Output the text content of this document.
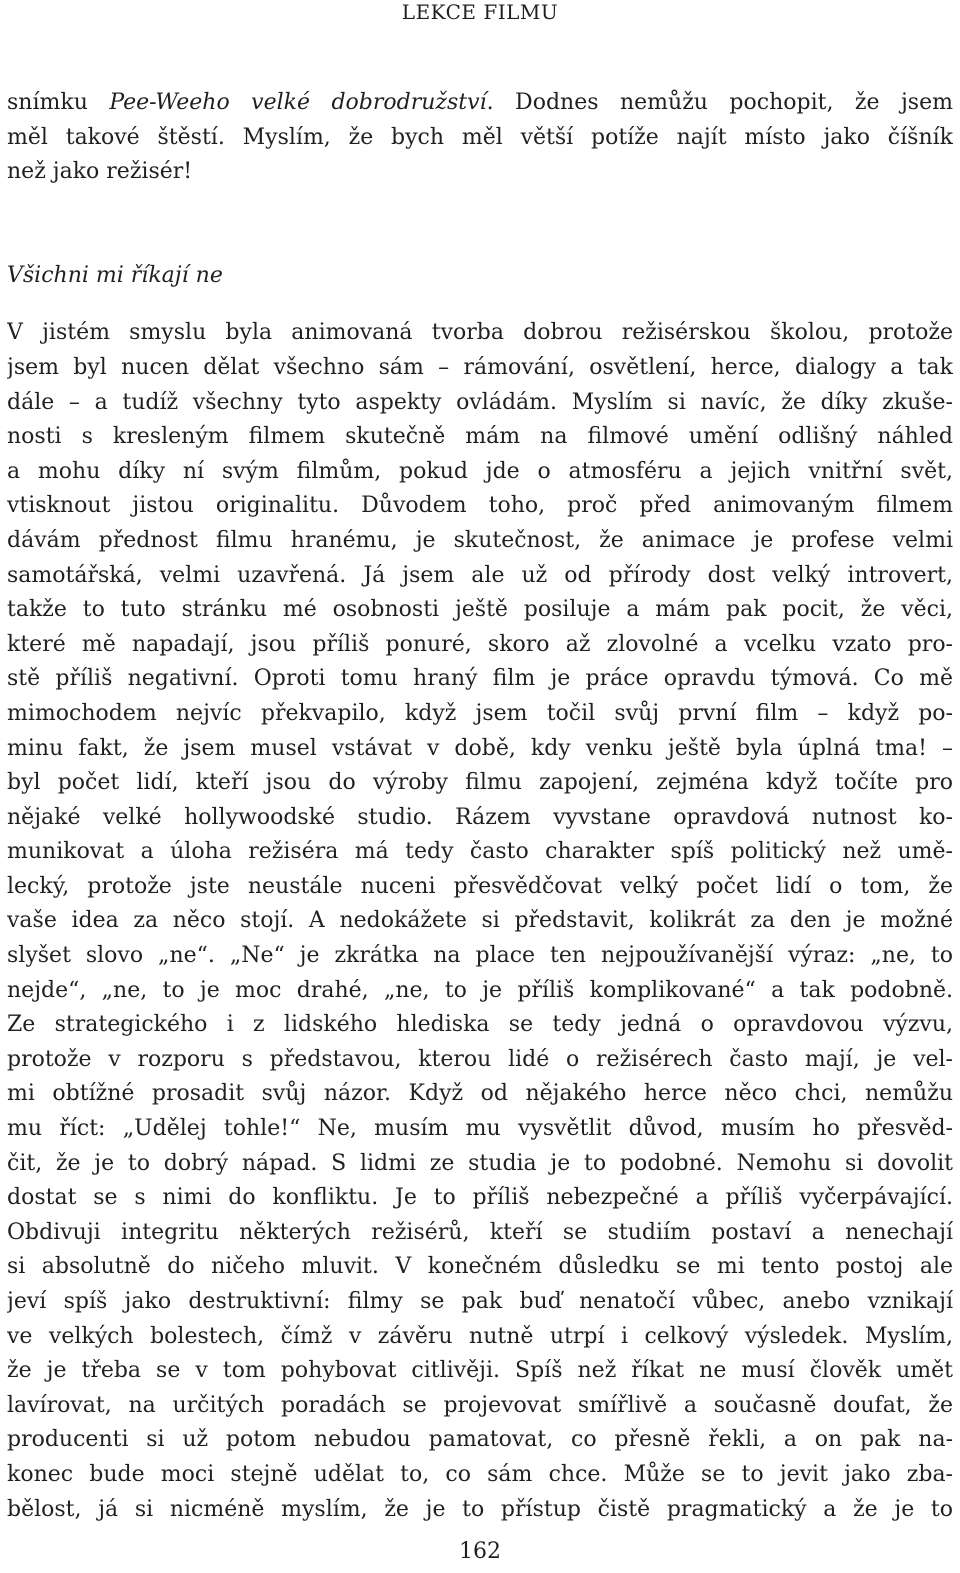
LEKCE FILMU
snímku Pee-Weeho velké dobrodružství. Dodnes nemůžu pochopit, že jsem
měl takové štěstí. Myslím, že bych měl větší potíže najít místo jako číšník
než jako režisér!
Všichni mi říkají ne
V jistém smyslu byla animovaná tvorba dobrou režisérskou školou, protože
jsem byl nucen dělat všechno sám – rámování, osvětlení, herce, dialogy a tak
dále – a tudíž všechny tyto aspekty ovládám. Myslím si navíc, že díky zkuše-
nosti s kresleným filmem skutečně mám na filmové umění odlišný náhled
a mohu díky ní svým filmům, pokud jde o atmosféru a jejich vnitřní svět,
vtisknout jistou originalitu. Důvodem toho, proč před animovaným filmem
dávám přednost filmu hranému, je skutečnost, že animace je profese velmi
samotářská, velmi uzavřená. Já jsem ale už od přírody dost velký introvert,
takže to tuto stránku mé osobnosti ještě posiluje a mám pak pocit, že věci,
které mě napadají, jsou příliš ponuré, skoro až zlovolné a vcelku vzato pro-
stě příliš negativní. Oproti tomu hraný film je práce opravdu týmová. Co mě
mimochodem nejvíc překvapilo, když jsem točil svůj první film – když po-
minu fakt, že jsem musel vstávat v době, kdy venku ještě byla úplná tma! –
byl počet lidí, kteří jsou do výroby filmu zapojení, zejména když točíte pro
nějaké velké hollywoodské studio. Rázem vyvstane opravdová nutnost ko-
munikovat a úloha režiséra má tedy často charakter spíš politický než umě-
lecký, protože jste neustále nuceni přesvědčovat velký počet lidí o tom, že
vaše idea za něco stojí. A nedokážete si představit, kolikrát za den je možné
slyšet slovo „ne“. „Ne“ je zkrátka na place ten nejpoužívanější výraz: „ne, to
nejde“, „ne, to je moc drahé, „ne, to je příliš komplikované“ a tak podobně.
Ze strategického i z lidského hlediska se tedy jedná o opravdovou výzvu,
protože v rozporu s představou, kterou lidé o režisérech často mají, je vel-
mi obtížné prosadit svůj názor. Když od nějakého herce něco chci, nemůžu
mu říct: „Udělej tohle!“ Ne, musím mu vysvětlit důvod, musím ho přesvěd-
čit, že je to dobrý nápad. S lidmi ze studia je to podobné. Nemohu si dovolit
dostat se s nimi do konfliktu. Je to příliš nebezpečné a příliš vyčerpávající.
Obdivuji integritu některých režisérů, kteří se studiím postaví a nenechají
si absolutně do ničeho mluvit. V konečném důsledku se mi tento postoj ale
jeví spíš jako destruktivní: filmy se pak buď nenatočí vůbec, anebo vznikají
ve velkých bolestech, čímž v závěru nutně utrpí i celkový výsledek. Myslím,
že je třeba se v tom pohybovat citlivěji. Spíš než říkat ne musí člověk umět
lavírovat, na určitých poradách se projevovat smířlivě a současně doufat, že
producenti si už potom nebudou pamatovat, co přesně řekli, a on pak na-
konec bude moci stejně udělat to, co sám chce. Může se to jevit jako zba-
bělost, já si nicméně myslím, že je to přístup čistě pragmatický a že je to
162
